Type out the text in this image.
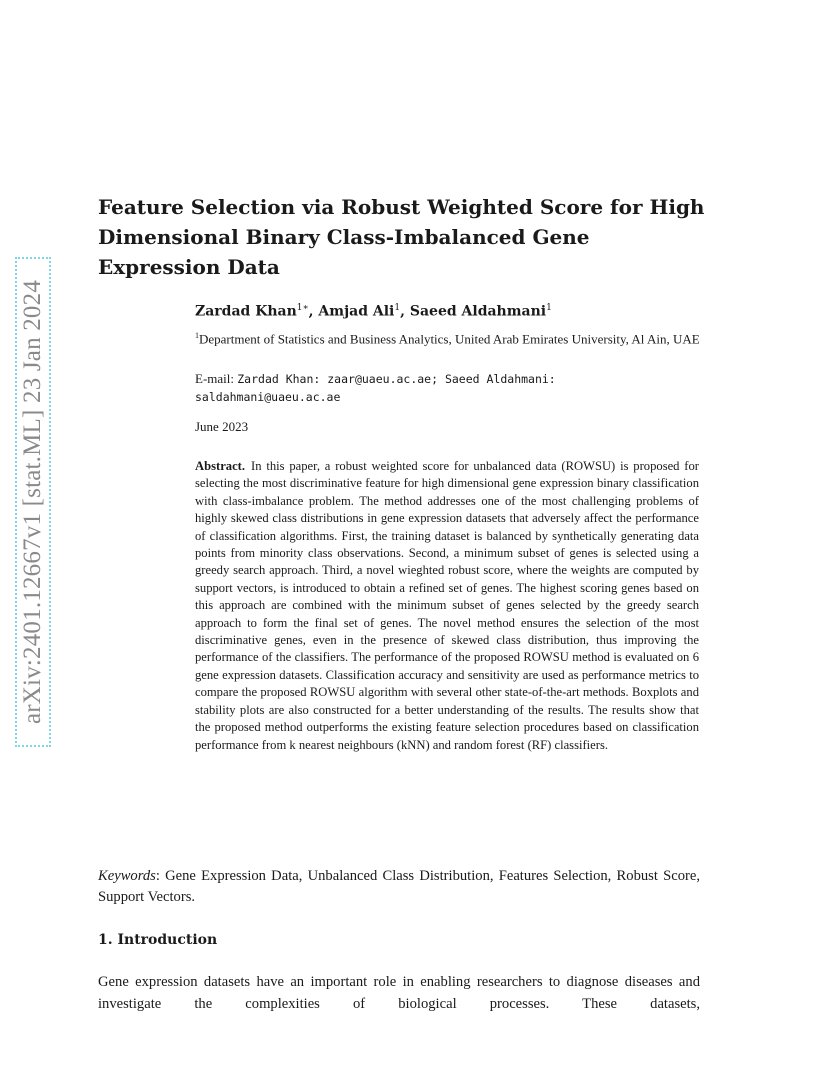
arXiv:2401.12667v1 [stat.ML] 23 Jan 2024
Feature Selection via Robust Weighted Score for High Dimensional Binary Class-Imbalanced Gene Expression Data

Zardad Khan$^{1∗}$, Amjad Ali$^1$, Saeed Aldahmani$^1$

$^1$Department of Statistics and Business Analytics, United Arab Emirates University, Al Ain, UAE
E-mail: Zardad Khan: zaar@uaeu.ac.ae; Saeed Aldahmani: saldahmani@uaeu.ac.ae
June 2023

Abstract. In this paper, a robust weighted score for unbalanced data (ROWSU) is proposed for selecting the most discriminative feature for high dimensional gene expression binary classification with class-imbalance problem. The method addresses one of the most challenging problems of highly skewed class distributions in gene expression datasets that adversely affect the performance of classification algorithms. First, the training dataset is balanced by synthetically generating data points from minority class observations. Second, a minimum subset of genes is selected using a greedy search approach. Third, a novel wieghted robust score, where the weights are computed by support vectors, is introduced to obtain a refined set of genes. The highest scoring genes based on this approach are combined with the minimum subset of genes selected by the greedy search approach to form the final set of genes. The novel method ensures the selection of the most discriminative genes, even in the presence of skewed class distribution, thus improving the performance of the classifiers. The performance of the proposed ROWSU method is evaluated on 6 gene expression datasets. Classification accuracy and sensitivity are used as performance metrics to compare the proposed ROWSU algorithm with several other state-of-the-art methods. Boxplots and stability plots are also constructed for a better understanding of the results. The results show that the proposed method outperforms the existing feature selection procedures based on classification performance from k nearest neighbours (kNN) and random forest (RF) classifiers.

Keywords: Gene Expression Data, Unbalanced Class Distribution, Features Selection, Robust Score, Support Vectors.

1. Introduction

Gene expression datasets have an important role in enabling researchers to diagnose diseases and investigate the complexities of biological processes. These datasets,
